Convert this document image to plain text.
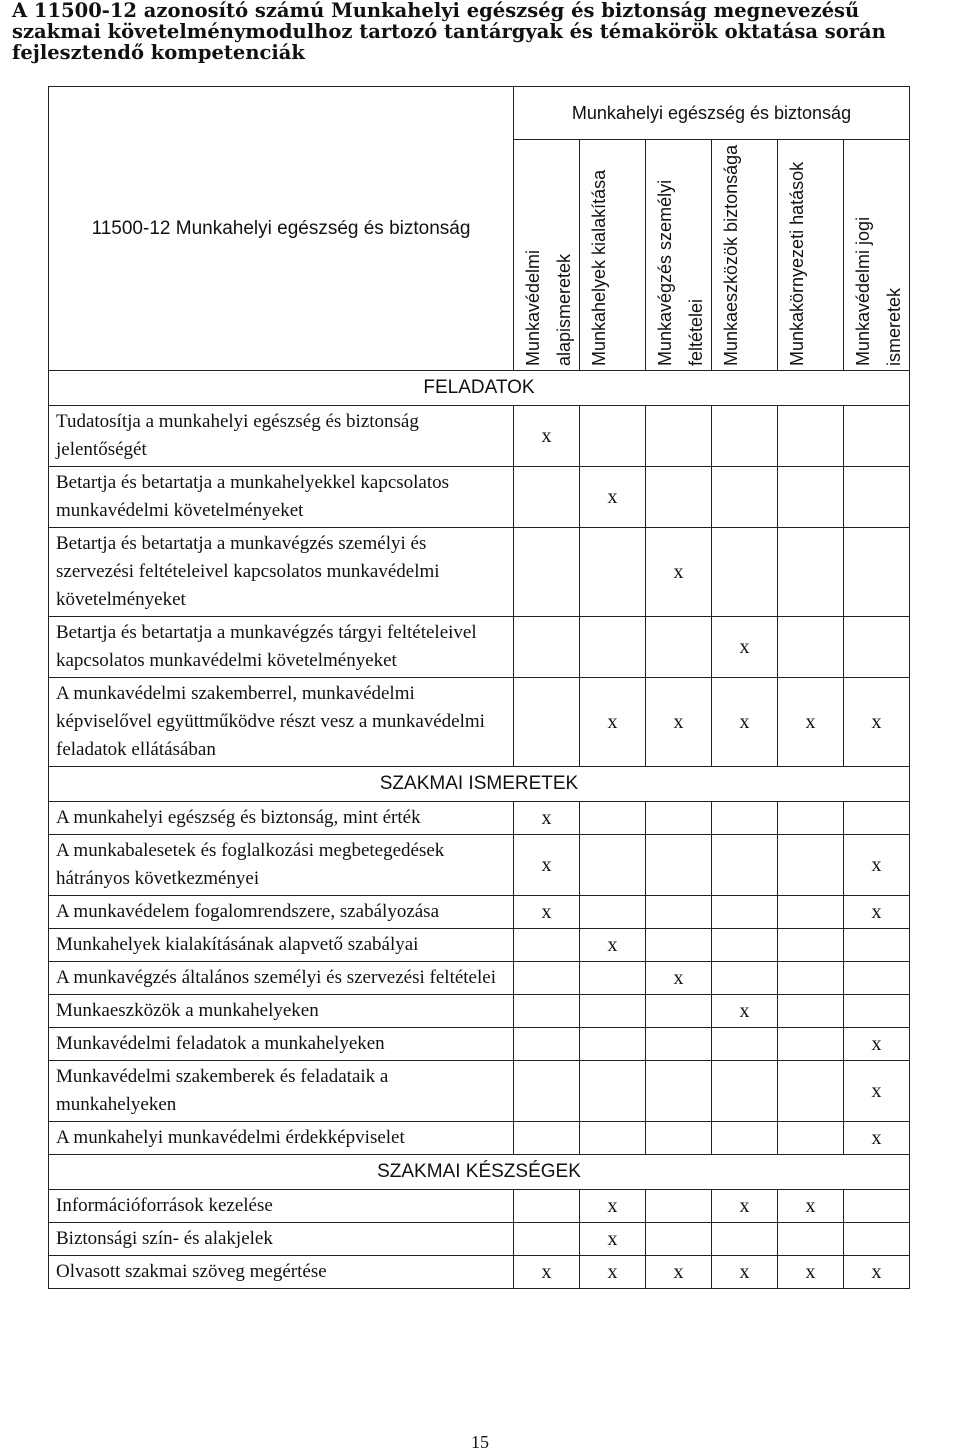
A 11500-12 azonosító számú Munkahelyi egészség és biztonság megnevezésű szakmai követelménymodulhoz tartozó tantárgyak és témakörök oktatása során fejlesztendő kompetenciák
11500-12 Munkahelyi egészség és biztonság	Munkahelyi egészség és biztonság					

	Munkavédelmi alapismeretek	Munkahelyek kialakítása	Munkavégzés személyi feltételei	Munkaeszközök biztonsága	Munkakörnyezeti hatások	Munkavédelmi jogi ismeretek

FELADATOK						
Tudatosítja a munkahelyi egészség és biztonság jelentőségét	x					
Betartja és betartatja a munkahelyekkel kapcsolatos munkavédelmi követelményeket		x				
Betartja és betartatja a munkavégzés személyi és szervezési feltételeivel kapcsolatos munkavédelmi követelményeket			x			
Betartja és betartatja a munkavégzés tárgyi feltételeivel kapcsolatos munkavédelmi követelményeket				x		
A munkavédelmi szakemberrel, munkavédelmi képviselővel együttműködve részt vesz a munkavédelmi feladatok ellátásában		x	x	x	x	x
SZAKMAI ISMERETEK						
A munkahelyi egészség és biztonság, mint érték	x					
A munkabalesetek és foglalkozási megbetegedések hátrányos következményei	x					x
A munkavédelem fogalomrendszere, szabályozása	x					x
Munkahelyek kialakításának alapvető szabályai		x				
A munkavégzés általános személyi és szervezési feltételei			x			
Munkaeszközök a munkahelyeken				x		
Munkavédelmi feladatok a munkahelyeken						x
Munkavédelmi szakemberek és feladataik a munkahelyeken						x
A munkahelyi munkavédelmi érdekképviselet						x
SZAKMAI KÉSZSÉGEK						
Információforrások kezelése		x		x	x	
Biztonsági szín- és alakjelek		x				
Olvasott szakmai szöveg megértése	x	x	x	x	x	x
15
